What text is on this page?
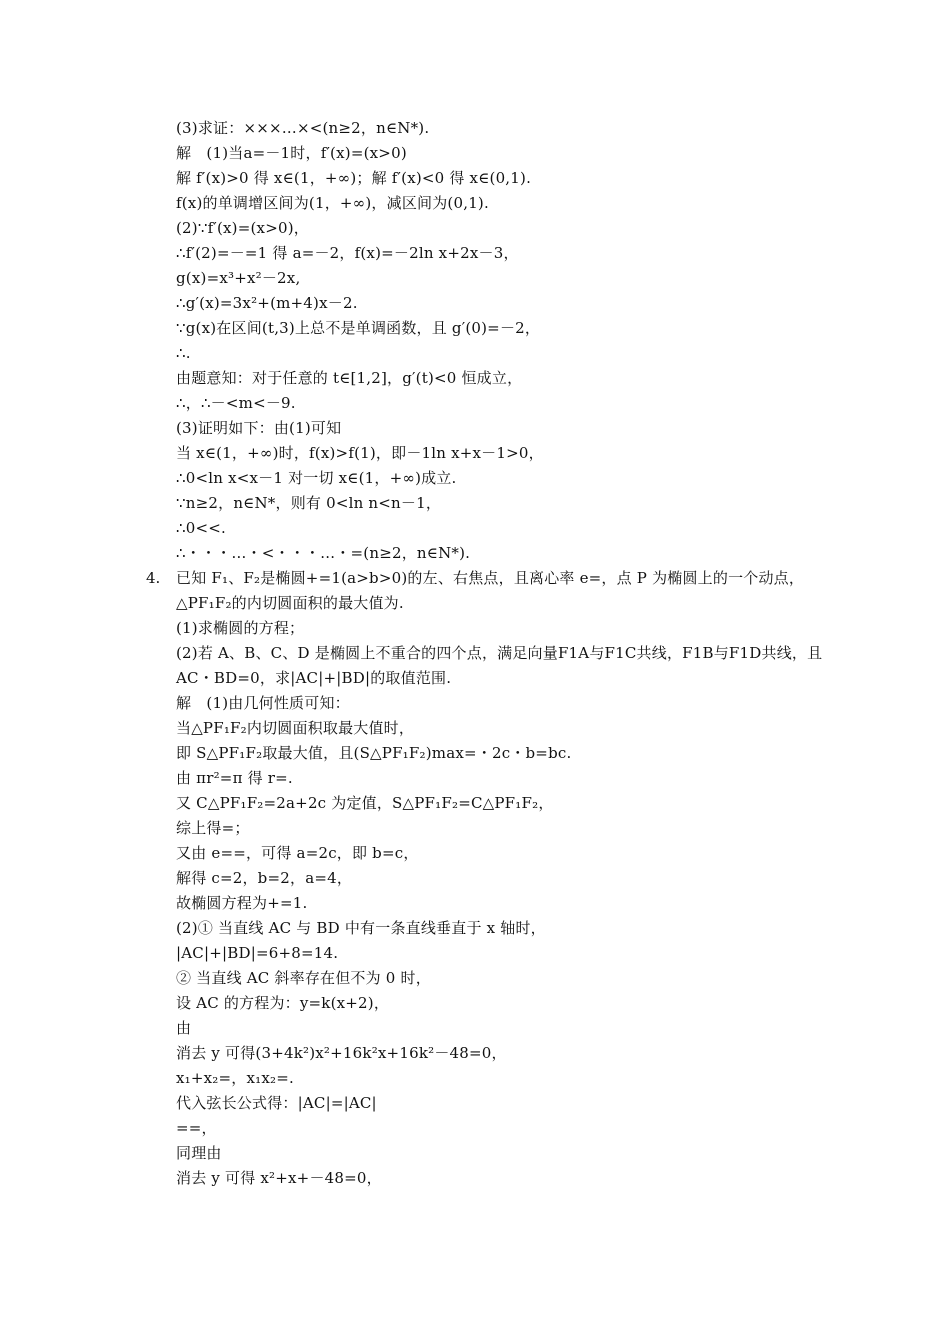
(3)求证：×××…×<(n≥2，n∈N*).
解　(1)当a=－1时，f′(x)=(x>0)
解 f′(x)>0 得 x∈(1，+∞)；解 f′(x)<0 得 x∈(0,1).
f(x)的单调增区间为(1，+∞)，减区间为(0,1).
(2)∵f′(x)=(x>0)，
∴f′(2)=－=1 得 a=－2，f(x)=－2ln x+2x－3，
g(x)=x³+x²－2x,
∴g′(x)=3x²+(m+4)x－2.
∵g(x)在区间(t,3)上总不是单调函数，且 g′(0)=－2，
∴.
由题意知：对于任意的 t∈[1,2]，g′(t)<0 恒成立，
∴，∴－<m<－9.
(3)证明如下：由(1)可知
当 x∈(1，+∞)时，f(x)>f(1)，即－1ln x+x－1>0，
∴0<ln x<x－1 对一切 x∈(1，+∞)成立.
∵n≥2，n∈N*，则有 0<ln n<n－1，
∴0<<.
∴・・・…・<・・・…・=(n≥2，n∈N*).
4. 已知 F₁、F₂是椭圆+=1(a>b>0)的左、右焦点，且离心率 e=，点 P 为椭圆上的一个动点，
△PF₁F₂的内切圆面积的最大值为.
(1)求椭圆的方程；
(2)若 A、B、C、D 是椭圆上不重合的四个点，满足向量F1A与F1C共线，F1B与F1D共线，且
AC・BD=0，求|AC|+|BD|的取值范围.
解　(1)由几何性质可知：
当△PF₁F₂内切圆面积取最大值时，
即 S△PF₁F₂取最大值，且(S△PF₁F₂)max=・2c・b=bc.
由 πr²=π 得 r=.
又 C△PF₁F₂=2a+2c 为定值，S△PF₁F₂=C△PF₁F₂，
综上得=；
又由 e==，可得 a=2c，即 b=c，
解得 c=2，b=2，a=4，
故椭圆方程为+=1.
(2)① 当直线 AC 与 BD 中有一条直线垂直于 x 轴时，
|AC|+|BD|=6+8=14.
② 当直线 AC 斜率存在但不为 0 时，
设 AC 的方程为：y=k(x+2)，
由
消去 y 可得(3+4k²)x²+16k²x+16k²－48=0，
x₁+x₂=，x₁x₂=.
代入弦长公式得：|AC|=|AC|
==，
同理由
消去 y 可得 x²+x+－48=0，
